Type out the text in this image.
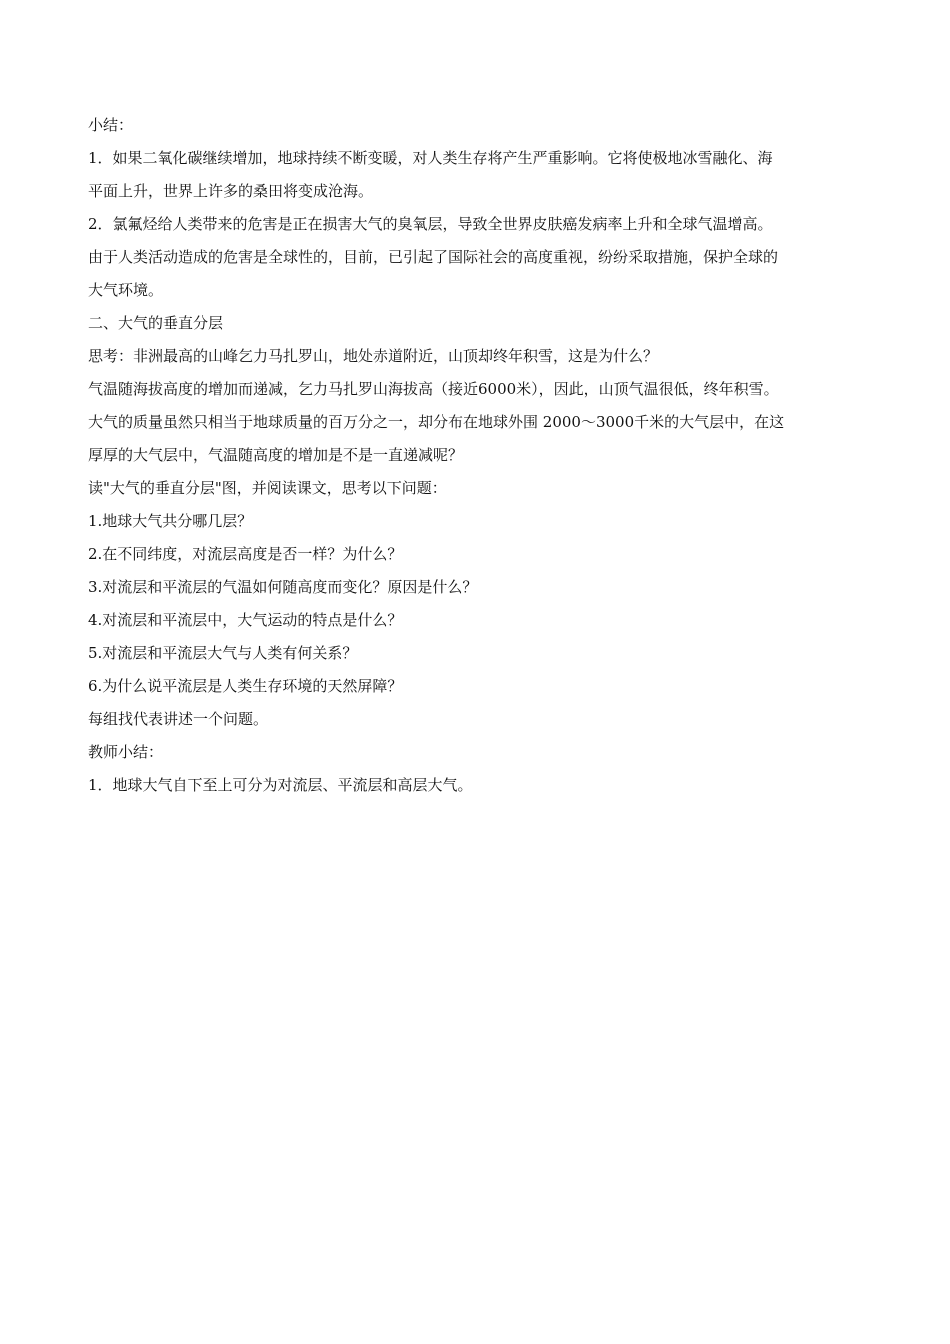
小结：

1．如果二氧化碳继续增加，地球持续不断变暖，对人类生存将产生严重影响。它将使极地冰雪融化、海

平面上升，世界上许多的桑田将变成沧海。

2．氯氟烃给人类带来的危害是正在损害大气的臭氧层，导致全世界皮肤癌发病率上升和全球气温增高。

由于人类活动造成的危害是全球性的，目前，已引起了国际社会的高度重视，纷纷采取措施，保护全球的

大气环境。

二、大气的垂直分层

思考：非洲最高的山峰乞力马扎罗山，地处赤道附近，山顶却终年积雪，这是为什么？

气温随海拔高度的增加而递减，乞力马扎罗山海拔高（接近6000米），因此，山顶气温很低，终年积雪。

大气的质量虽然只相当于地球质量的百万分之一，却分布在地球外围 2000～3000千米的大气层中，在这

厚厚的大气层中，气温随高度的增加是不是一直递减呢？

读"大气的垂直分层"图，并阅读课文，思考以下问题：

1.地球大气共分哪几层？

2.在不同纬度，对流层高度是否一样？为什么？

3.对流层和平流层的气温如何随高度而变化？原因是什么？

4.对流层和平流层中，大气运动的特点是什么？

5.对流层和平流层大气与人类有何关系？

6.为什么说平流层是人类生存环境的天然屏障？

每组找代表讲述一个问题。

教师小结：

1．地球大气自下至上可分为对流层、平流层和高层大气。
